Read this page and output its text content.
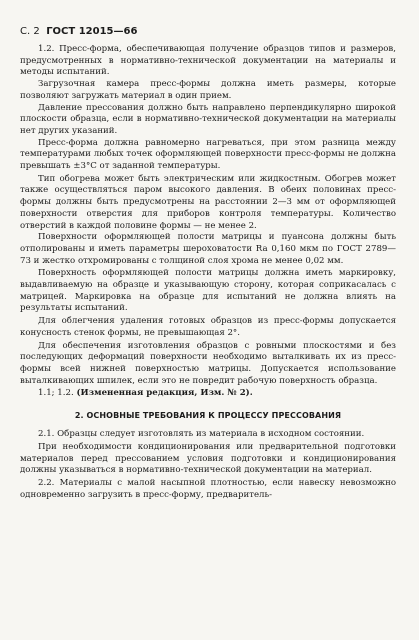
С. 2 ГОСТ 12015—66

1.2. Пресс-форма, обеспечивающая получение образцов типов и размеров, предусмотренных в нормативно-технической документации на материалы и методы испытаний.

Загрузочная камера пресс-формы должна иметь размеры, которые позволяют загружать материал в один прием.

Давление прессования должно быть направлено перпендикулярно широкой плоскости образца, если в нормативно-технической документации на материалы нет других указаний.

Пресс-форма должна равномерно нагреваться, при этом разница между температурами любых точек оформляющей поверхности пресс-формы не должна превышать ±3°С от заданной температуры.

Тип обогрева может быть электрическим или жидкостным. Обогрев может также осуществляться паром высокого давления. В обеих половинах пресс-формы должны быть предусмотрены на расстоянии 2—3 мм от оформляющей поверхности отверстия для приборов контроля температуры. Количество отверстий в каждой половине формы — не менее 2.

Поверхности оформляющей полости матрицы и пуансона должны быть отполированы и иметь параметры шероховатости Ra 0,160 мкм по ГОСТ 2789—73 и жестко отхромированы с толщиной слоя хрома не менее 0,02 мм.

Поверхность оформляющей полости матрицы должна иметь маркировку, выдавливаемую на образце и указывающую сторону, которая соприкасалась с матрицей. Маркировка на образце для испытаний не должна влиять на результаты испытаний.

Для облегчения удаления готовых образцов из пресс-формы допускается конусность стенок формы, не превышающая 2°.

Для обеспечения изготовления образцов с ровными плоскостями и без последующих деформаций поверхности необходимо выталкивать их из пресс-формы всей нижней поверхностью матрицы. Допускается использование выталкивающих шпилек, если это не повредит рабочую поверхность образца.

1.1; 1.2. (Измененная редакция, Изм. № 2).

2. ОСНОВНЫЕ ТРЕБОВАНИЯ К ПРОЦЕССУ ПРЕССОВАНИЯ

2.1. Образцы следует изготовлять из материала в исходном состоянии.

При необходимости кондиционирования или предварительной подготовки материалов перед прессованием условия подготовки и кондиционирования должны указываться в нормативно-технической документации на материал.

2.2. Материалы с малой насыпной плотностью, если навеску невозможно одновременно загрузить в пресс-форму, предваритель-
